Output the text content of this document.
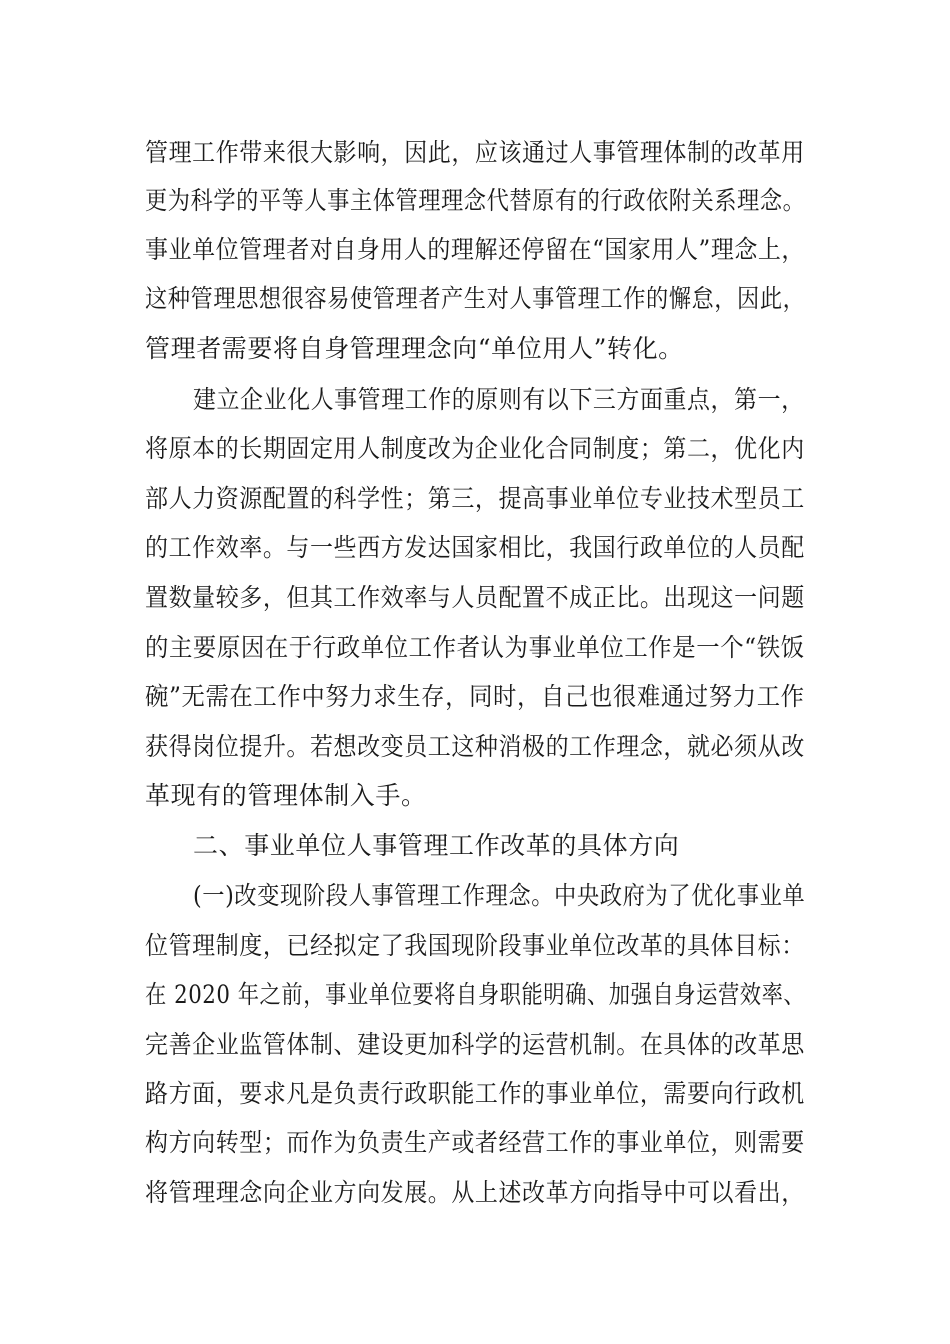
管理工作带来很大影响，因此，应该通过人事管理体制的改革用
更为科学的平等人事主体管理理念代替原有的行政依附关系理念。
事业单位管理者对自身用人的理解还停留在“国家用人”理念上，
这种管理思想很容易使管理者产生对人事管理工作的懈怠，因此，
管理者需要将自身管理理念向“单位用人”转化。
建立企业化人事管理工作的原则有以下三方面重点，第一，
将原本的长期固定用人制度改为企业化合同制度；第二，优化内
部人力资源配置的科学性；第三，提高事业单位专业技术型员工
的工作效率。与一些西方发达国家相比，我国行政单位的人员配
置数量较多，但其工作效率与人员配置不成正比。出现这一问题
的主要原因在于行政单位工作者认为事业单位工作是一个“铁饭
碗”无需在工作中努力求生存，同时，自己也很难通过努力工作
获得岗位提升。若想改变员工这种消极的工作理念，就必须从改
革现有的管理体制入手。
二、事业单位人事管理工作改革的具体方向
(一)改变现阶段人事管理工作理念。中央政府为了优化事业单
位管理制度，已经拟定了我国现阶段事业单位改革的具体目标：
在 2020 年之前，事业单位要将自身职能明确、加强自身运营效率、
完善企业监管体制、建设更加科学的运营机制。在具体的改革思
路方面，要求凡是负责行政职能工作的事业单位，需要向行政机
构方向转型；而作为负责生产或者经营工作的事业单位，则需要
将管理理念向企业方向发展。从上述改革方向指导中可以看出，
